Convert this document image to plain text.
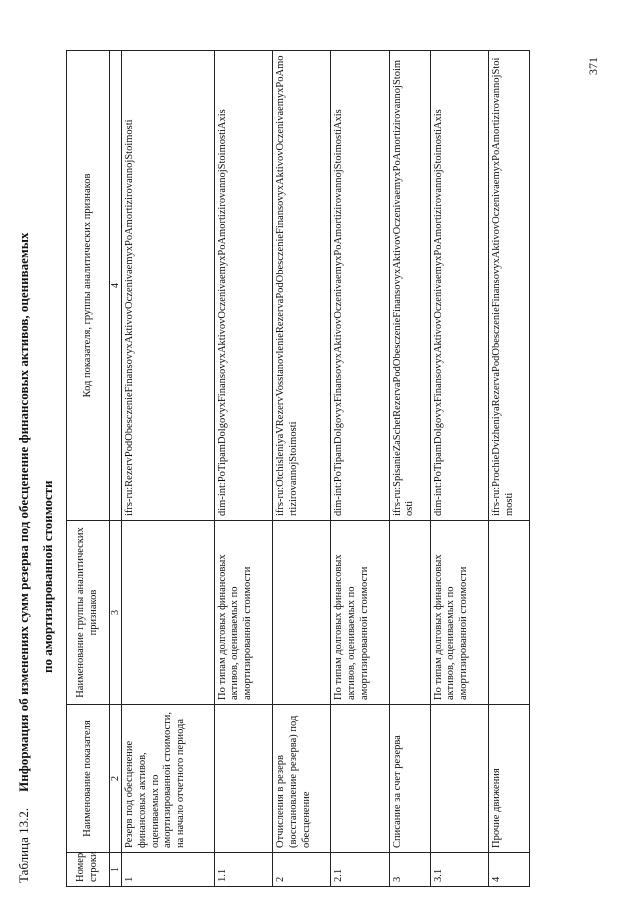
Таблица 13.2.Информация об изменениях сумм резерва под обесценение финансовых активов, оцениваемых по амортизированной стоимости
Номер строки	Наименование показателя	Наименование группы аналитических признаков	Код показателя, группы аналитических признаков
1	2	3	4
1	Резерв под обесценение финансовых активов, оцениваемых по амортизированной стоимости, на начало отчетного периода		ifrs-ru:RezervPodObesczenieFinansovyxAktivovOczenivaemyxPoAmortizirovannojStoimosti
1.1		По типам долговых финансовых активов, оцениваемых по амортизированной стоимости	dim-int:PoTipamDolgovyxFinansovyxAktivovOczenivaemyxPoAmortizirovannojStoimostiAxis
2	Отчисления в резерв (восстановление резерва) под обесценение		ifrs-ru:OtchisleniyaVRezervVosstanovlenieRezervaPodObesczenieFinansovyxAktivovOczenivaemyxPoAmortizirovannojStoimosti
2.1		По типам долговых финансовых активов, оцениваемых по амортизированной стоимости	dim-int:PoTipamDolgovyxFinansovyxAktivovOczenivaemyxPoAmortizirovannojStoimostiAxis
3	Списание за счет резерва		ifrs-ru:SpisanieZaSchetRezervaPodObesczenieFinansovyxAktivovOczenivaemyxPoAmortizirovannojStoimosti
3.1		По типам долговых финансовых активов, оцениваемых по амортизированной стоимости	dim-int:PoTipamDolgovyxFinansovyxAktivovOczenivaemyxPoAmortizirovannojStoimostiAxis
4	Прочие движения		ifrs-ru:ProchieDvizheniyaRezervaPodObesczenieFinansovyxAktivovOczenivaemyxPoAmortizirovannojStoimosti
371
